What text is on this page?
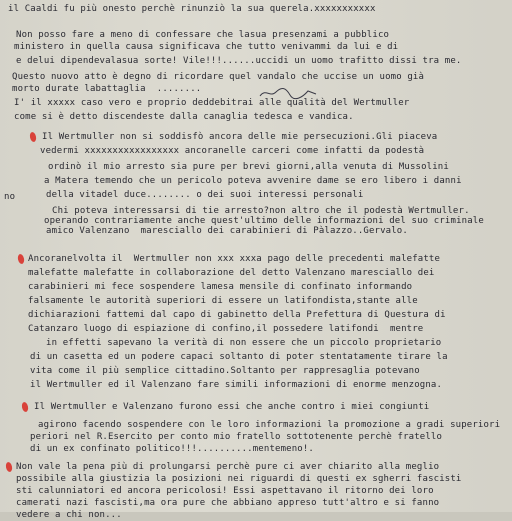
il Caaldi fu più onesto perchè rinunziò la sua querela.xxxxxxxxxxx
Non posso fare a meno di confessare che lasua presenzami a pubblico
ministero in quella causa significava che tutto venivammi da lui e di
e delui dipendevalasua sorte! Vile!!!......uccidi un uomo trafitto dissi tra me.
Questo nuovo atto è degno di ricordare quel vandalo che uccise un uomo già
morto durate labattaglia  ........
I' il xxxxx caso vero e proprio deddebitrai alle qualità del Wertmuller
come si è detto discendeste dalla canaglia tedesca e vandica.
Il Wertmuller non si soddisfò ancora delle mie persecuzioni.Gli piaceva
vedermi xxxxxxxxxxxxxxxxx ancoranelle carceri come infatti da podestà
ordinò il mio arresto sia pure per brevi giorni,alla venuta di Mussolini
a Matera temendo che un pericolo poteva avvenire dame se ero libero i danni
no	della vitadel duce........ o dei suoi interessi personali
Chi poteva interessarsi di tie arresto?non altro che il podestà Wertmuller.
operando contrariamente anche quest'ultimo delle informazioni del suo criminale
amico Valenzano  maresciallo dei carabinieri di Pàlazzo..Gervalo.
Ancoranelvolta il  Wertmuller non xxx xxxa pago delle precedenti malefatte
malefatte malefatte in collaborazione del detto Valenzano maresciallo dei
carabinieri mi fece sospendere lamesa mensile di confinato informando
falsamente le autorità superiori di essere un latifondista,stante alle
dichiarazioni fattemi dal capo di gabinetto della Prefettura di Questura di
Catanzaro luogo di espiazione di confino,il possedere latifondi  mentre
in effetti sapevano la verità di non essere che un piccolo proprietario
di un casetta ed un podere capaci soltanto di poter stentatamente tirare la
vita come il più semplice cittadino.Soltanto per rappresaglia potevano
il Wertmuller ed il Valenzano fare simili informazioni di enorme menzogna.
Il Wertmuller e Valenzano furono essi che anche contro i miei congiunti
agirono facendo sospendere con le loro informazioni la promozione a gradi superiori
periori nel R.Esercito per conto mio fratello sottotenente perchè fratello
di un ex confinato politico!!!..........mentemeno!.
Non vale la pena più di prolungarsi perchè pure ci aver chiarito alla meglio
possibile alla giustizia la posizioni nei riguardi di questi ex sgherri fascisti
sti calunniatori ed ancora pericolosi! Essi aspettavano il ritorno dei loro
camerati nazi fascisti,ma ora pure che abbiano appreso tutt'altro e si fanno
vedere a chi non...
